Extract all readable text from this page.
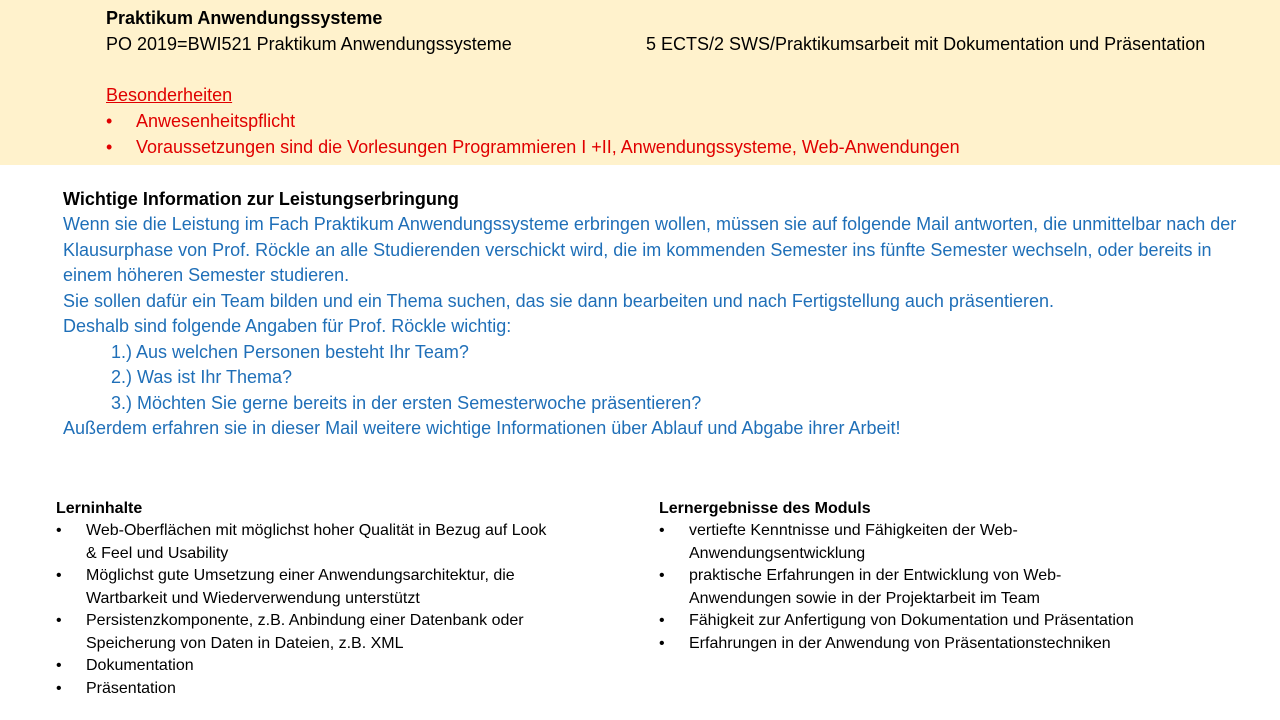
Praktikum Anwendungssysteme
PO 2019=BWI521 Praktikum Anwendungssysteme	5 ECTS/2 SWS/Praktikumsarbeit mit Dokumentation und Präsentation
Besonderheiten
• Anwesenheitspflicht
• Voraussetzungen sind die Vorlesungen Programmieren I +II, Anwendungssysteme, Web-Anwendungen
Wichtige Information zur Leistungserbringung

Wenn sie die Leistung im Fach Praktikum Anwendungssysteme erbringen wollen, müssen sie auf folgende Mail antworten, die unmittelbar nach der Klausurphase von Prof. Röckle an alle Studierenden verschickt wird, die im kommenden Semester ins fünfte Semester wechseln, oder bereits in einem höheren Semester studieren.

Sie sollen dafür ein Team bilden und ein Thema suchen, das sie dann bearbeiten und nach Fertigstellung auch präsentieren.

Deshalb sind folgende Angaben für Prof. Röckle wichtig:

1.) Aus welchen Personen besteht Ihr Team?
2.) Was ist Ihr Thema?
3.) Möchten Sie gerne bereits in der ersten Semesterwoche präsentieren?

Außerdem erfahren sie in dieser Mail weitere wichtige Informationen über Ablauf und Abgabe ihrer Arbeit!

Lerninhalte
• Web-Oberflächen mit möglichst hoher Qualität in Bezug auf Look & Feel und Usability
• Möglichst gute Umsetzung einer Anwendungsarchitektur, die Wartbarkeit und Wiederverwendung unterstützt
• Persistenzkomponente, z.B. Anbindung einer Datenbank oder Speicherung von Daten in Dateien, z.B. XML
• Dokumentation
• Präsentation
Lernergebnisse des Moduls
• vertiefte Kenntnisse und Fähigkeiten der Web-Anwendungsentwicklung
• praktische Erfahrungen in der Entwicklung von Web-Anwendungen sowie in der Projektarbeit im Team
• Fähigkeit zur Anfertigung von Dokumentation und Präsentation
• Erfahrungen in der Anwendung von Präsentationstechniken
